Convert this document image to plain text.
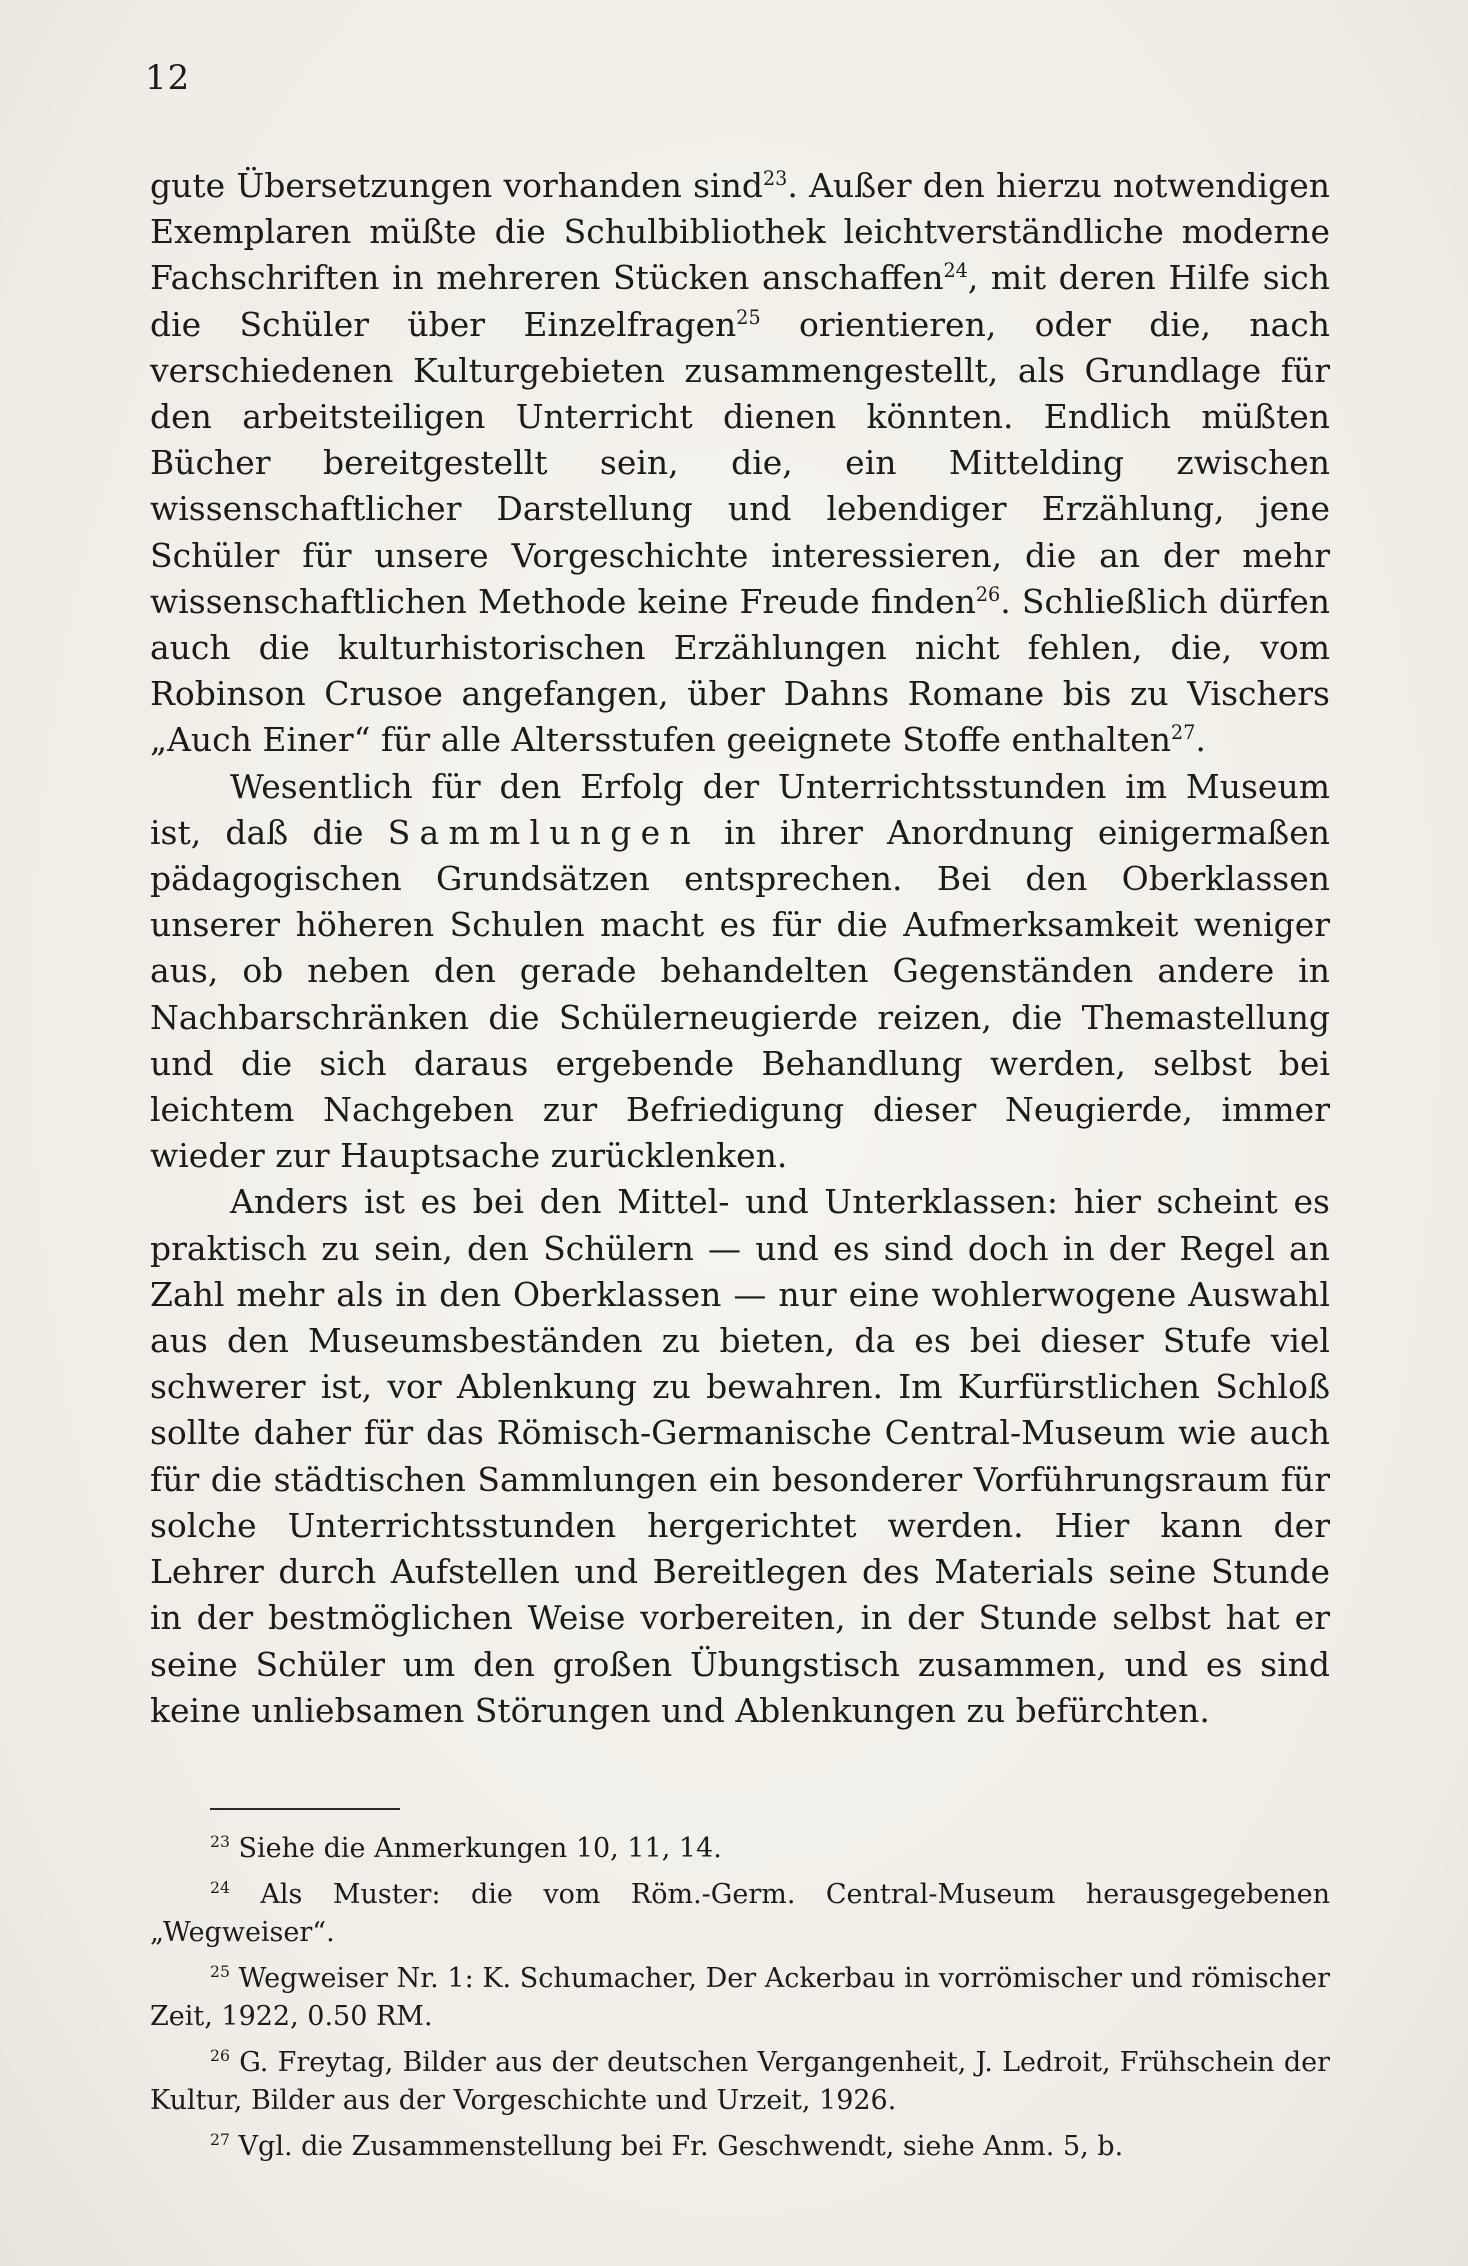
12

gute Übersetzungen vorhanden sind$^{23}$. Außer den hierzu notwendigen Exemplaren müßte die Schulbibliothek leichtverständliche moderne Fachschriften in mehreren Stücken anschaffen$^{24}$, mit deren Hilfe sich die Schüler über Einzelfragen$^{25}$ orientieren, oder die, nach verschiedenen Kulturgebieten zusammengestellt, als Grundlage für den arbeitsteiligen Unterricht dienen könnten. Endlich müßten Bücher bereitgestellt sein, die, ein Mittelding zwischen wissenschaftlicher Darstellung und lebendiger Erzählung, jene Schüler für unsere Vorgeschichte interessieren, die an der mehr wissenschaftlichen Methode keine Freude finden$^{26}$. Schließlich dürfen auch die kulturhistorischen Erzählungen nicht fehlen, die, vom Robinson Crusoe angefangen, über Dahns Romane bis zu Vischers „Auch Einer“ für alle Altersstufen geeignete Stoffe enthalten$^{27}$.

Wesentlich für den Erfolg der Unterrichtsstunden im Museum ist, daß die Sammlungen in ihrer Anordnung einigermaßen pädagogischen Grundsätzen entsprechen. Bei den Oberklassen unserer höheren Schulen macht es für die Aufmerksamkeit weniger aus, ob neben den gerade behandelten Gegenständen andere in Nachbarschränken die Schülerneugierde reizen, die Themastellung und die sich daraus ergebende Behandlung werden, selbst bei leichtem Nachgeben zur Befriedigung dieser Neugierde, immer wieder zur Hauptsache zurücklenken.

Anders ist es bei den Mittel- und Unterklassen: hier scheint es praktisch zu sein, den Schülern — und es sind doch in der Regel an Zahl mehr als in den Oberklassen — nur eine wohlerwogene Auswahl aus den Museumsbeständen zu bieten, da es bei dieser Stufe viel schwerer ist, vor Ablenkung zu bewahren. Im Kurfürstlichen Schloß sollte daher für das Römisch-Germanische Central-Museum wie auch für die städtischen Sammlungen ein besonderer Vorführungsraum für solche Unterrichtsstunden hergerichtet werden. Hier kann der Lehrer durch Aufstellen und Bereitlegen des Materials seine Stunde in der bestmöglichen Weise vorbereiten, in der Stunde selbst hat er seine Schüler um den großen Übungstisch zusammen, und es sind keine unliebsamen Störungen und Ablenkungen zu befürchten.

$^{23}$ Siehe die Anmerkungen 10, 11, 14.

$^{24}$ Als Muster: die vom Röm.-Germ. Central-Museum herausgegebenen „Wegweiser“.

$^{25}$ Wegweiser Nr. 1: K. Schumacher, Der Ackerbau in vorrömischer und römischer Zeit, 1922, 0.50 RM.

$^{26}$ G. Freytag, Bilder aus der deutschen Vergangenheit, J. Ledroit, Frühschein der Kultur, Bilder aus der Vorgeschichte und Urzeit, 1926.

$^{27}$ Vgl. die Zusammenstellung bei Fr. Geschwendt, siehe Anm. 5, b.
